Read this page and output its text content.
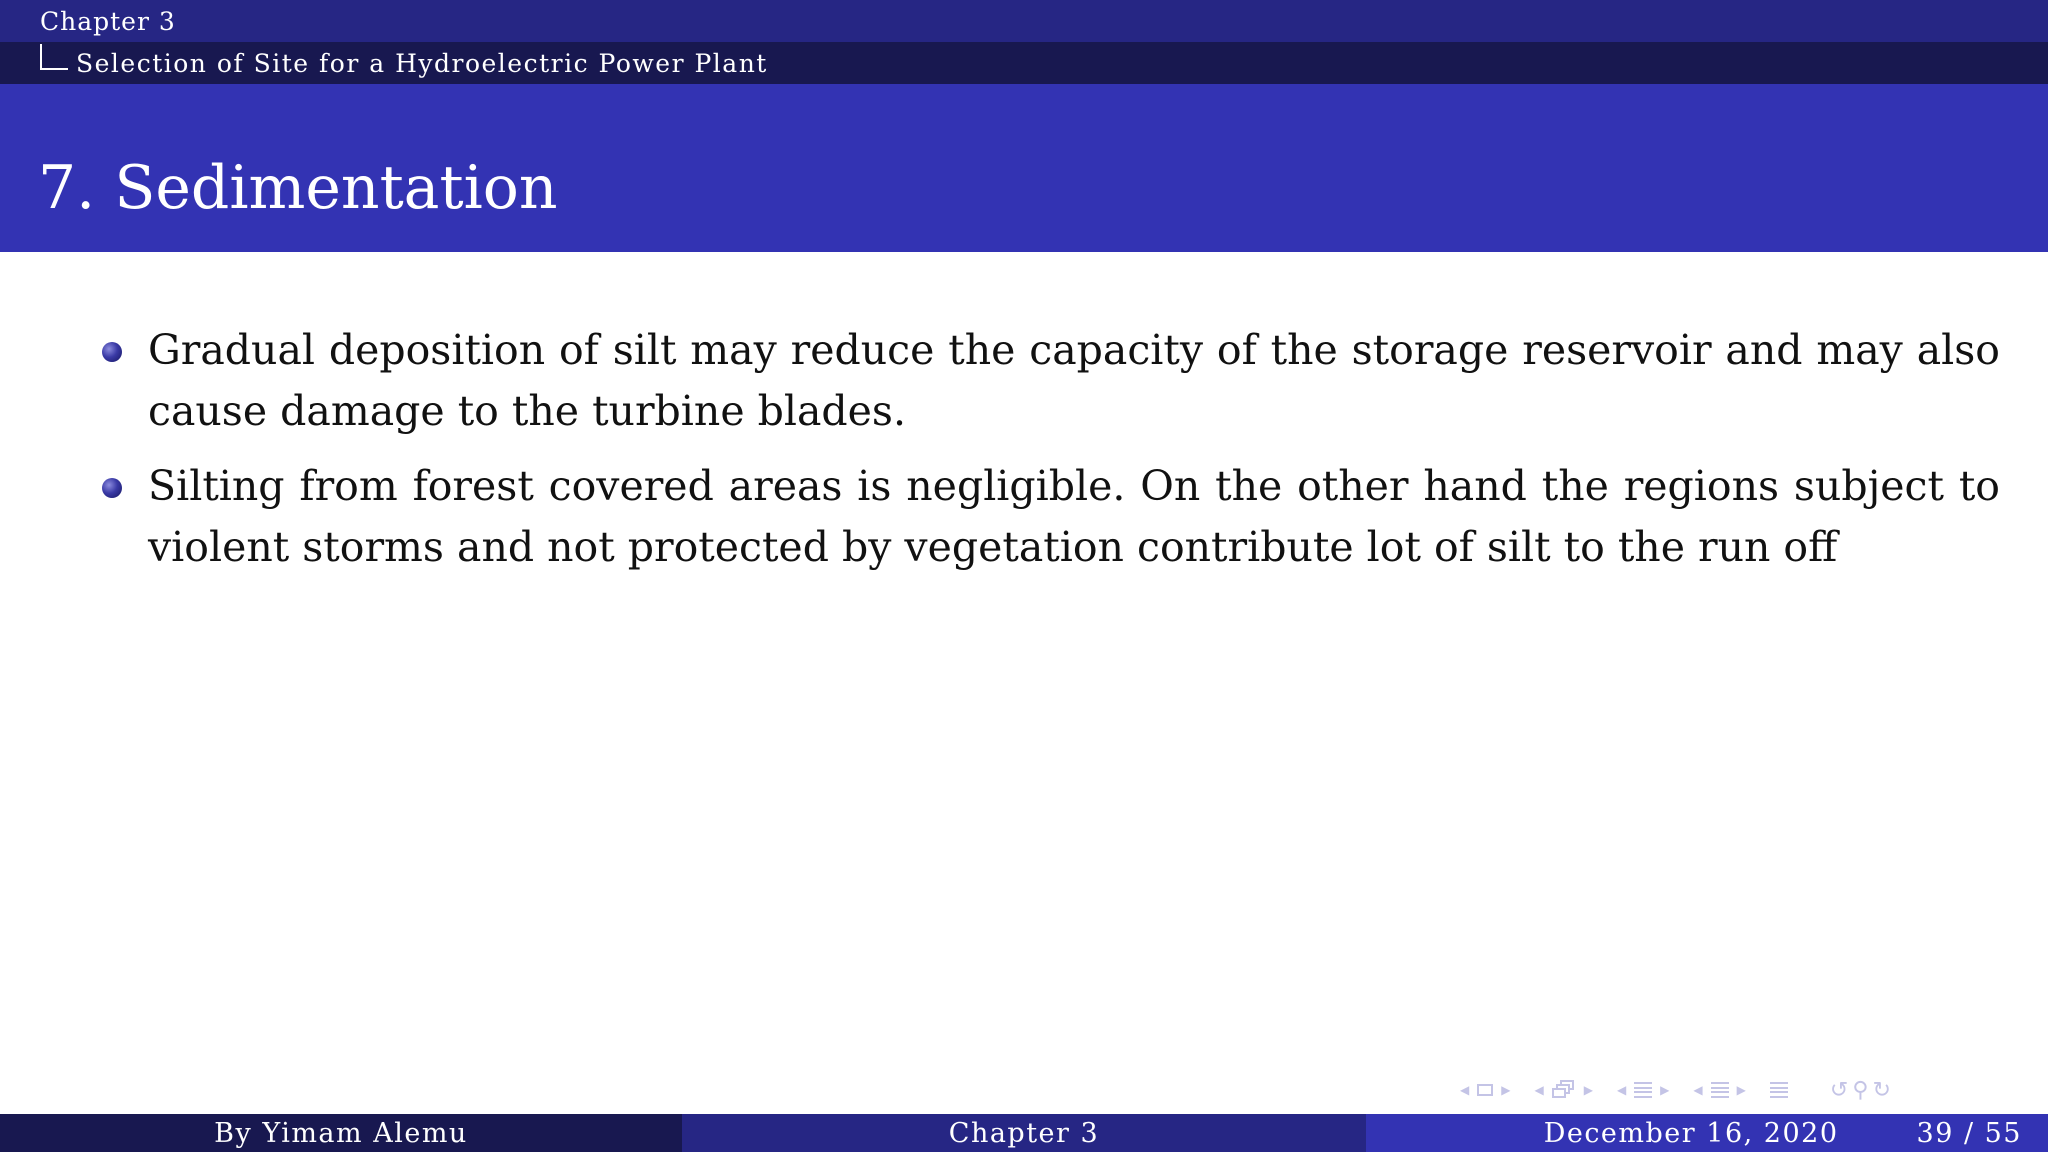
Chapter 3
Selection of Site for a Hydroelectric Power Plant
7. Sedimentation
Gradual deposition of silt may reduce the capacity of the storage reservoir and may also cause damage to the turbine blades.
Silting from forest covered areas is negligible. On the other hand the regions subject to violent storms and not protected by vegetation contribute lot of silt to the run off
◀	▶ ◀	▶ ◀	▶ ◀	▶	↺ ⚲ ↻
By Yimam Alemu	Chapter 3	December 16, 2020	39 / 55
